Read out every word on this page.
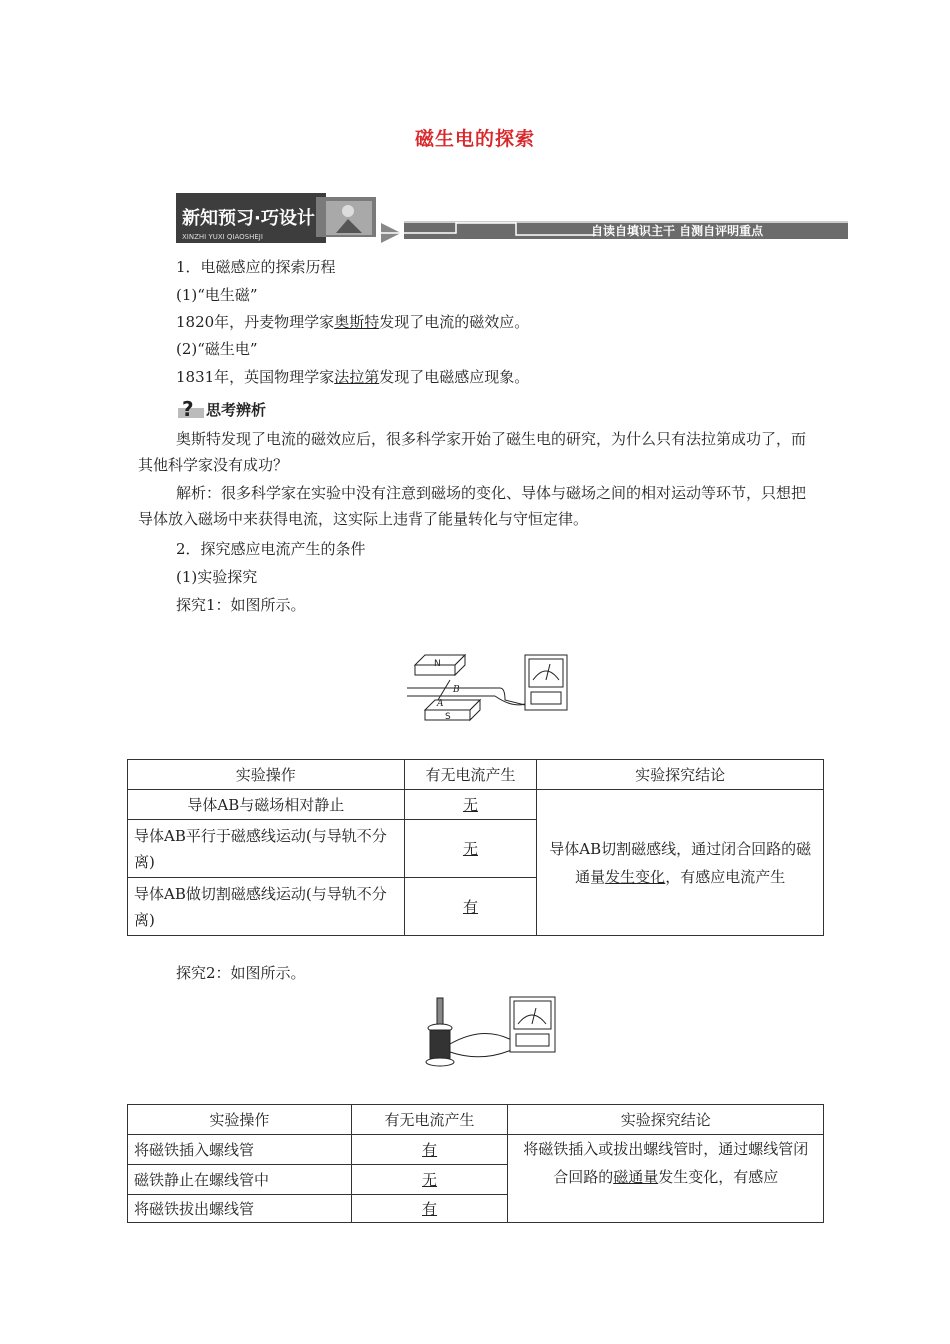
磁生电的探索
新知预习·巧设计
XINZHI YUXI QIAOSHEJI	自读自填识主干 自测自评明重点
1．电磁感应的探索历程
(1)“电生磁”
1820年，丹麦物理学家奥斯特发现了电流的磁效应。
(2)“磁生电”
1831年，英国物理学家法拉第发现了电磁感应现象。
? 思考辨析
奥斯特发现了电流的磁效应后，很多科学家开始了磁生电的研究，为什么只有法拉第成功了，而其他科学家没有成功？
解析：很多科学家在实验中没有注意到磁场的变化、导体与磁场之间的相对运动等环节，只想把导体放入磁场中来获得电流，这实际上违背了能量转化与守恒定律。
2．探究感应电流产生的条件
(1)实验探究
探究1：如图所示。
N
B
A
S
实验操作	有无电流产生	实验探究结论
导体AB与磁场相对静止	无	导体AB切割磁感线，通过闭合回路的磁通量发生变化，有感应电流产生
导体AB平行于磁感线运动(与导轨不分离)	无	
导体AB做切割磁感线运动(与导轨不分离)	有	
探究2：如图所示。
实验操作	有无电流产生	实验探究结论
将磁铁插入螺线管	有	将磁铁插入或拔出螺线管时，通过螺线管闭合回路的磁通量发生变化，有感应
磁铁静止在螺线管中	无	
将磁铁拔出螺线管	有	
